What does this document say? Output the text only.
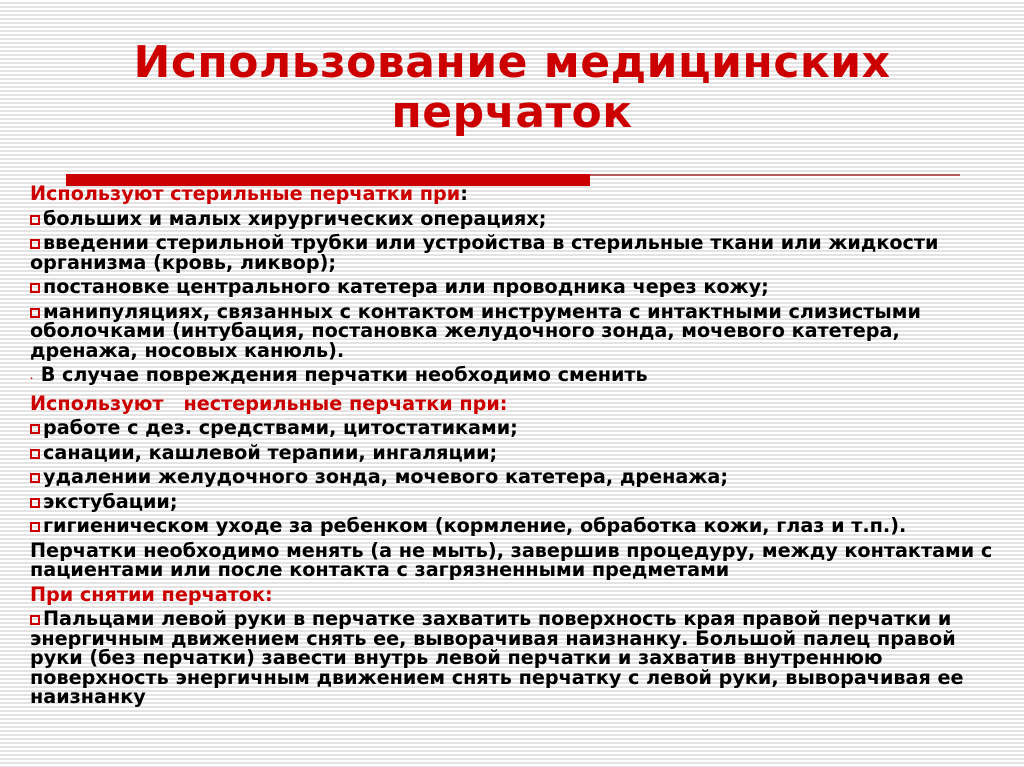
Использование медицинских
перчаток
Используют стерильные перчатки при:
больших и малых хирургических операциях;
введении стерильной трубки или устройства в стерильные ткани или жидкости организма (кровь, ликвор);
постановке центрального катетера или проводника через кожу;
манипуляциях, связанных с контактом инструмента с интактными слизистыми оболочками (интубация, постановка желудочного зонда, мочевого катетера, дренажа, носовых канюль).
· В случае повреждения перчатки необходимо сменить
Используют   нестерильные перчатки при:
работе с дез. средствами, цитостатиками;
санации, кашлевой терапии, ингаляции;
удалении желудочного зонда, мочевого катетера, дренажа;
экстубации;
гигиеническом уходе за ребенком (кормление, обработка кожи, глаз и т.п.).
Перчатки необходимо менять (а не мыть), завершив процедуру, между контактами с пациентами или после контакта с загрязненными предметами
При снятии перчаток:
Пальцами левой руки в перчатке захватить поверхность края правой перчатки и энергичным движением снять ее, выворачивая наизнанку. Большой палец правой руки (без перчатки) завести внутрь левой перчатки и захватив внутреннюю поверхность энергичным движением снять перчатку с левой руки, выворачивая ее наизнанку
